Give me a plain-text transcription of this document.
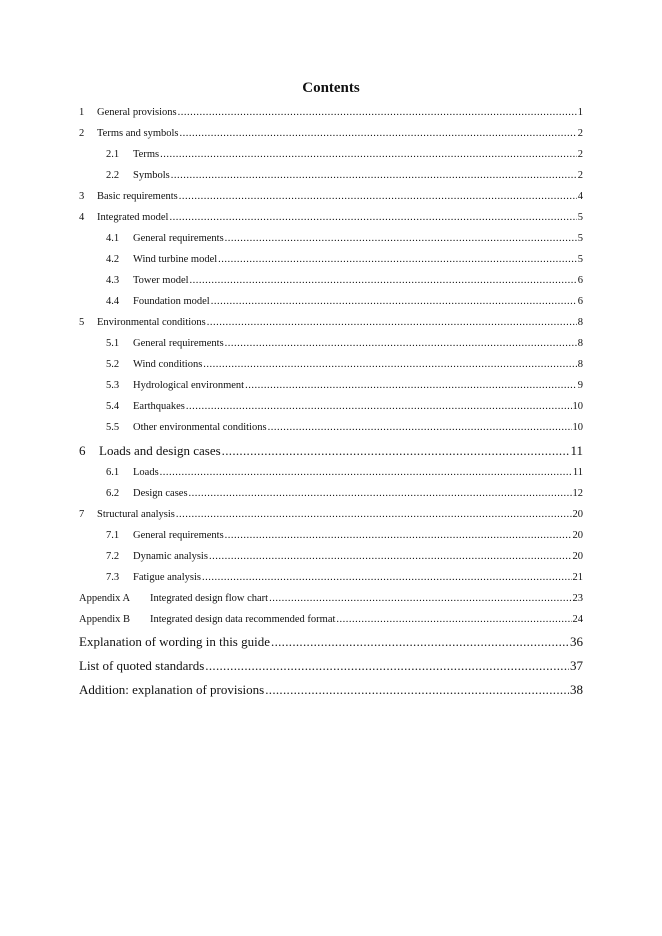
Contents
1	General provisions .....	1
2	Terms and symbols .....	2
2.1	Terms .....	2
2.2	Symbols .....	2
3	Basic requirements .....	4
4	Integrated model .....	5
4.1	General requirements .....	5
4.2	Wind turbine model .....	5
4.3	Tower model .....	6
4.4	Foundation model .....	6
5	Environmental conditions .....	8
5.1	General requirements .....	8
5.2	Wind conditions .....	8
5.3	Hydrological environment .....	9
5.4	Earthquakes .....	10
5.5	Other environmental conditions .....	10
6	Loads and design cases .....	11
6.1	Loads .....	11
6.2	Design cases .....	12
7	Structural analysis .....	20
7.1	General requirements .....	20
7.2	Dynamic analysis .....	20
7.3	Fatigue analysis .....	21
Appendix A	Integrated design flow chart .....	23
Appendix B	Integrated design data recommended format .....	24
Explanation of wording in this guide .....	36
List of quoted standards .....	37
Addition: explanation of provisions .....	38
